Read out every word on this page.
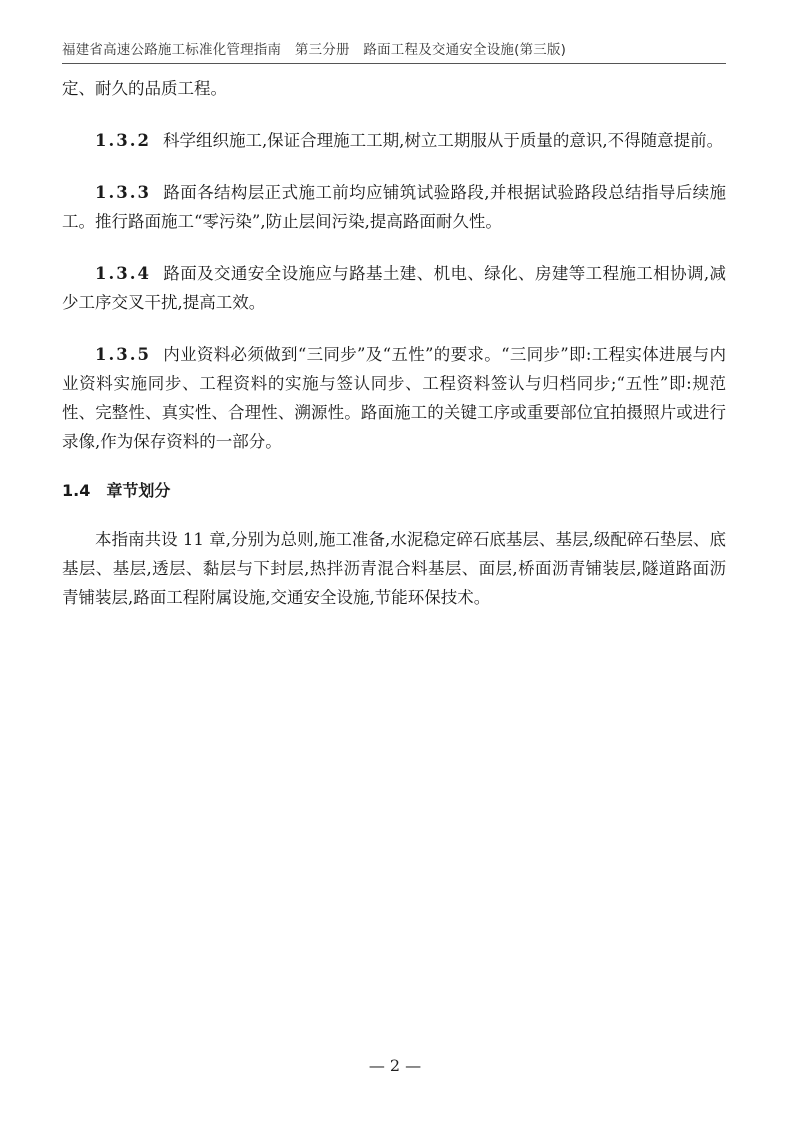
福建省高速公路施工标准化管理指南　第三分册　路面工程及交通安全设施(第三版)

定、耐久的品质工程。

1.3.2 科学组织施工,保证合理施工工期,树立工期服从于质量的意识,不得随意提前。

1.3.3 路面各结构层正式施工前均应铺筑试验路段,并根据试验路段总结指导后续施工。推行路面施工“零污染”,防止层间污染,提高路面耐久性。

1.3.4 路面及交通安全设施应与路基土建、机电、绿化、房建等工程施工相协调,减少工序交叉干扰,提高工效。

1.3.5 内业资料必须做到“三同步”及“五性”的要求。“三同步”即:工程实体进展与内业资料实施同步、工程资料的实施与签认同步、工程资料签认与归档同步;“五性”即:规范性、完整性、真实性、合理性、溯源性。路面施工的关键工序或重要部位宜拍摄照片或进行录像,作为保存资料的一部分。

1.4 章节划分

本指南共设 11 章,分别为总则,施工准备,水泥稳定碎石底基层、基层,级配碎石垫层、底基层、基层,透层、黏层与下封层,热拌沥青混合料基层、面层,桥面沥青铺装层,隧道路面沥青铺装层,路面工程附属设施,交通安全设施,节能环保技术。

— 2 —
